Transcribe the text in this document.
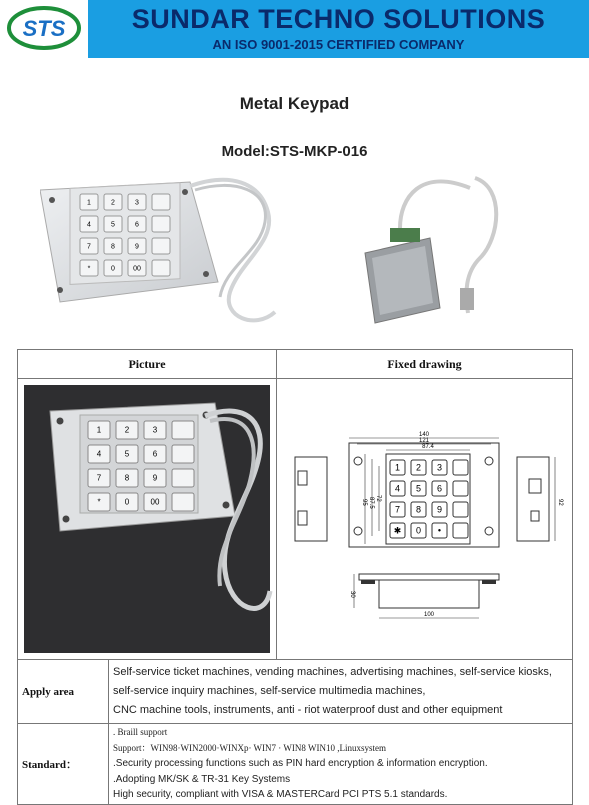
STS	SUNDAR TECHNO SOLUTIONS
AN ISO 9001-2015 CERTIFIED COMPANY
Metal Keypad
Model:STS-MKP-016
1	2	3
4	5	6
7	8	9
*	0	00
Picture	Fixed drawing

1	2	3
4	5	6
7	8	9
*	0	00

1 2 3
4 5 6
7 8 9
✱ 0 •
140
121
87.4
95 87.5 72
92
30
100

Apply area	
Self-service ticket machines, vending machines, advertising machines, self-service kiosks,
self-service inquiry machines, self-service multimedia machines,
CNC machine tools, instruments, anti - riot waterproof dust and other equipment

Standard：	
. Braill support
Support：WIN98·WIN2000·WINXp· WIN7 · WIN8 WIN10 ,Linuxsystem
.Security processing functions such as PIN hard encryption & information encryption.
.Adopting MK/SK & TR-31 Key Systems
High security, compliant with VISA & MASTERCard PCI PTS 5.1 standards.
